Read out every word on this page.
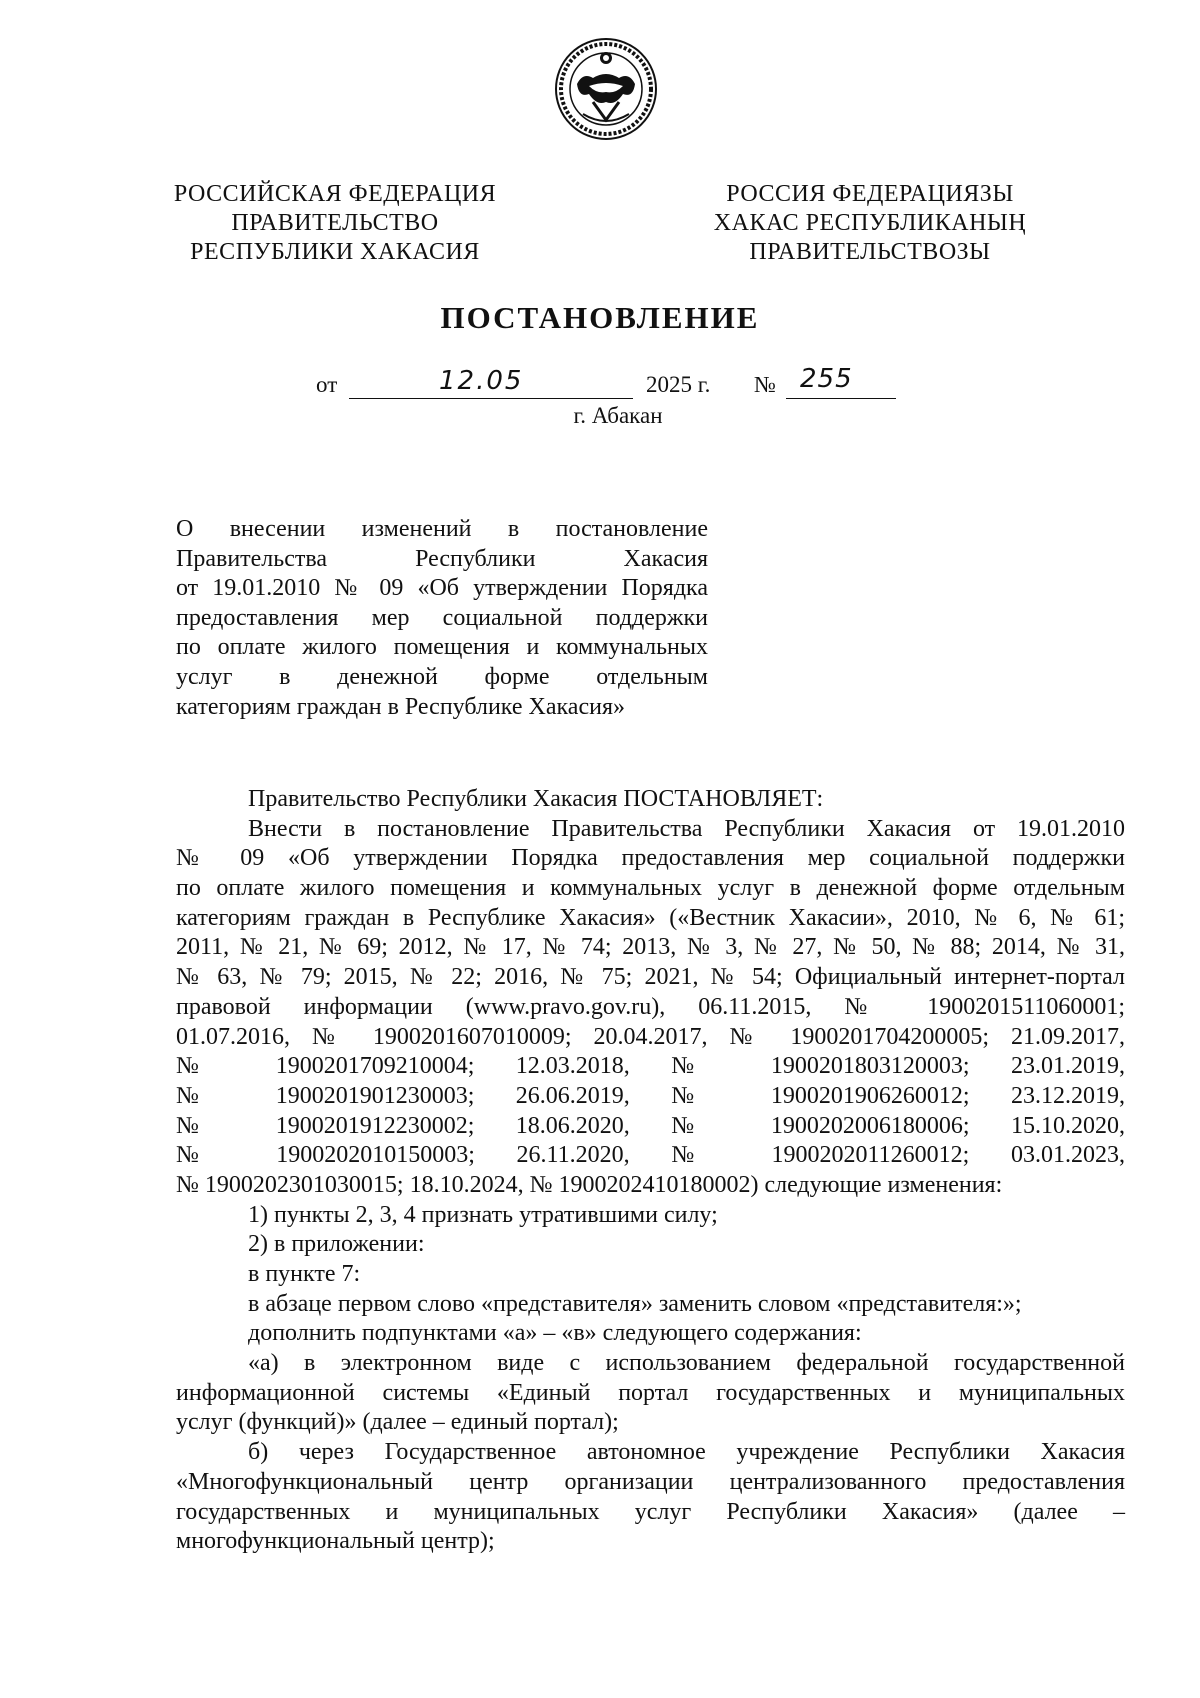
РОССИЙСКАЯ ФЕДЕРАЦИЯ
ПРАВИТЕЛЬСТВО
РЕСПУБЛИКИ ХАКАСИЯ
РОССИЯ ФЕДЕРАЦИЯЗЫ
ХАКАС РЕСПУБЛИКАНЫҢ
ПРАВИТЕЛЬСТВОЗЫ
ПОСТАНОВЛЕНИЕ
от	12.05	2025 г. № 255
г. Абакан
О внесении изменений в постановление
Правительства Республики Хакасия
от 19.01.2010 № 09 «Об утверждении Порядка
предоставления мер социальной поддержки
по оплате жилого помещения и коммунальных
услуг в денежной форме отдельным
категориям граждан в Республике Хакасия»
Правительство Республики Хакасия ПОСТАНОВЛЯЕТ:
Внести в постановление Правительства Республики Хакасия от 19.01.2010
№ 09 «Об утверждении Порядка предоставления мер социальной поддержки
по оплате жилого помещения и коммунальных услуг в денежной форме отдельным
категориям граждан в Республике Хакасия» («Вестник Хакасии», 2010, № 6, № 61;
2011, № 21, № 69; 2012, № 17, № 74; 2013, № 3, № 27, № 50, № 88; 2014, № 31,
№ 63, № 79; 2015, № 22; 2016, № 75; 2021, № 54; Официальный интернет-портал
правовой информации (www.pravo.gov.ru), 06.11.2015, № 1900201511060001;
01.07.2016, № 1900201607010009; 20.04.2017, № 1900201704200005; 21.09.2017,
№ 1900201709210004; 12.03.2018, № 1900201803120003; 23.01.2019,
№ 1900201901230003; 26.06.2019, № 1900201906260012; 23.12.2019,
№ 1900201912230002; 18.06.2020, № 1900202006180006; 15.10.2020,
№ 1900202010150003; 26.11.2020, № 1900202011260012; 03.01.2023,
№ 1900202301030015; 18.10.2024, № 1900202410180002) следующие изменения:
1) пункты 2, 3, 4 признать утратившими силу;
2) в приложении:
в пункте 7:
в абзаце первом слово «представителя» заменить словом «представителя:»;
дополнить подпунктами «а» – «в» следующего содержания:
«а) в электронном виде с использованием федеральной государственной
информационной системы «Единый портал государственных и муниципальных
услуг (функций)» (далее – единый портал);
б) через Государственное автономное учреждение Республики Хакасия
«Многофункциональный центр организации централизованного предоставления
государственных и муниципальных услуг Республики Хакасия» (далее –
многофункциональный центр);
